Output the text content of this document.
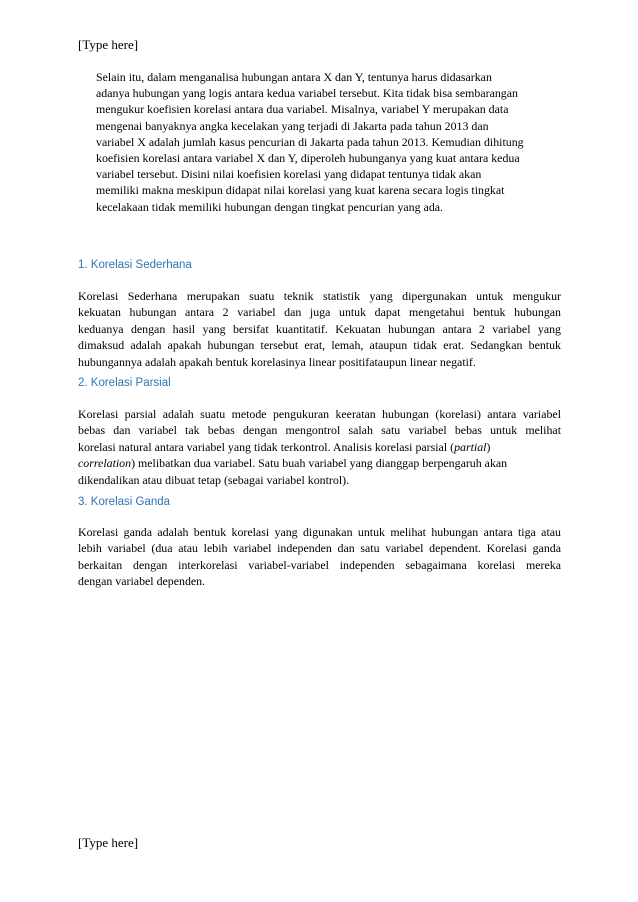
[Type here]
Selain itu, dalam menganalisa hubungan antara X dan Y, tentunya harus didasarkan
adanya hubungan yang logis antara kedua variabel tersebut. Kita tidak bisa sembarangan
mengukur koefisien korelasi antara dua variabel. Misalnya, variabel Y merupakan data
mengenai banyaknya angka kecelakan yang terjadi di Jakarta pada tahun 2013 dan
variabel X adalah jumlah kasus pencurian di Jakarta pada tahun 2013. Kemudian dihitung
koefisien korelasi antara variabel X dan Y, diperoleh hubunganya yang kuat antara kedua
variabel tersebut. Disini nilai koefisien korelasi yang didapat tentunya tidak akan
memiliki makna meskipun didapat nilai korelasi yang kuat karena secara logis tingkat
kecelakaan tidak memiliki hubungan dengan tingkat pencurian yang ada.
1. Korelasi Sederhana
Korelasi Sederhana merupakan suatu teknik statistik yang dipergunakan untuk mengukur
kekuatan hubungan antara 2 variabel dan juga untuk dapat mengetahui bentuk hubungan
keduanya dengan hasil yang bersifat kuantitatif. Kekuatan hubungan antara 2 variabel yang
dimaksud adalah apakah hubungan tersebut erat, lemah, ataupun tidak erat. Sedangkan bentuk
hubungannya adalah apakah bentuk korelasinya linear positifataupun linear negatif.
2. Korelasi Parsial
Korelasi parsial adalah suatu metode pengukuran keeratan hubungan (korelasi) antara variabel
bebas dan variabel tak bebas dengan mengontrol salah satu variabel bebas untuk melihat
korelasi natural antara variabel yang tidak terkontrol. Analisis korelasi parsial (partial)
correlation) melibatkan dua variabel. Satu buah variabel yang dianggap berpengaruh akan
dikendalikan atau dibuat tetap (sebagai variabel kontrol).
3. Korelasi Ganda
Korelasi ganda adalah bentuk korelasi yang digunakan untuk melihat hubungan antara tiga atau
lebih variabel (dua atau lebih variabel independen dan satu variabel dependent. Korelasi ganda
berkaitan dengan interkorelasi variabel-variabel independen sebagaimana korelasi mereka
dengan variabel dependen.
[Type here]
